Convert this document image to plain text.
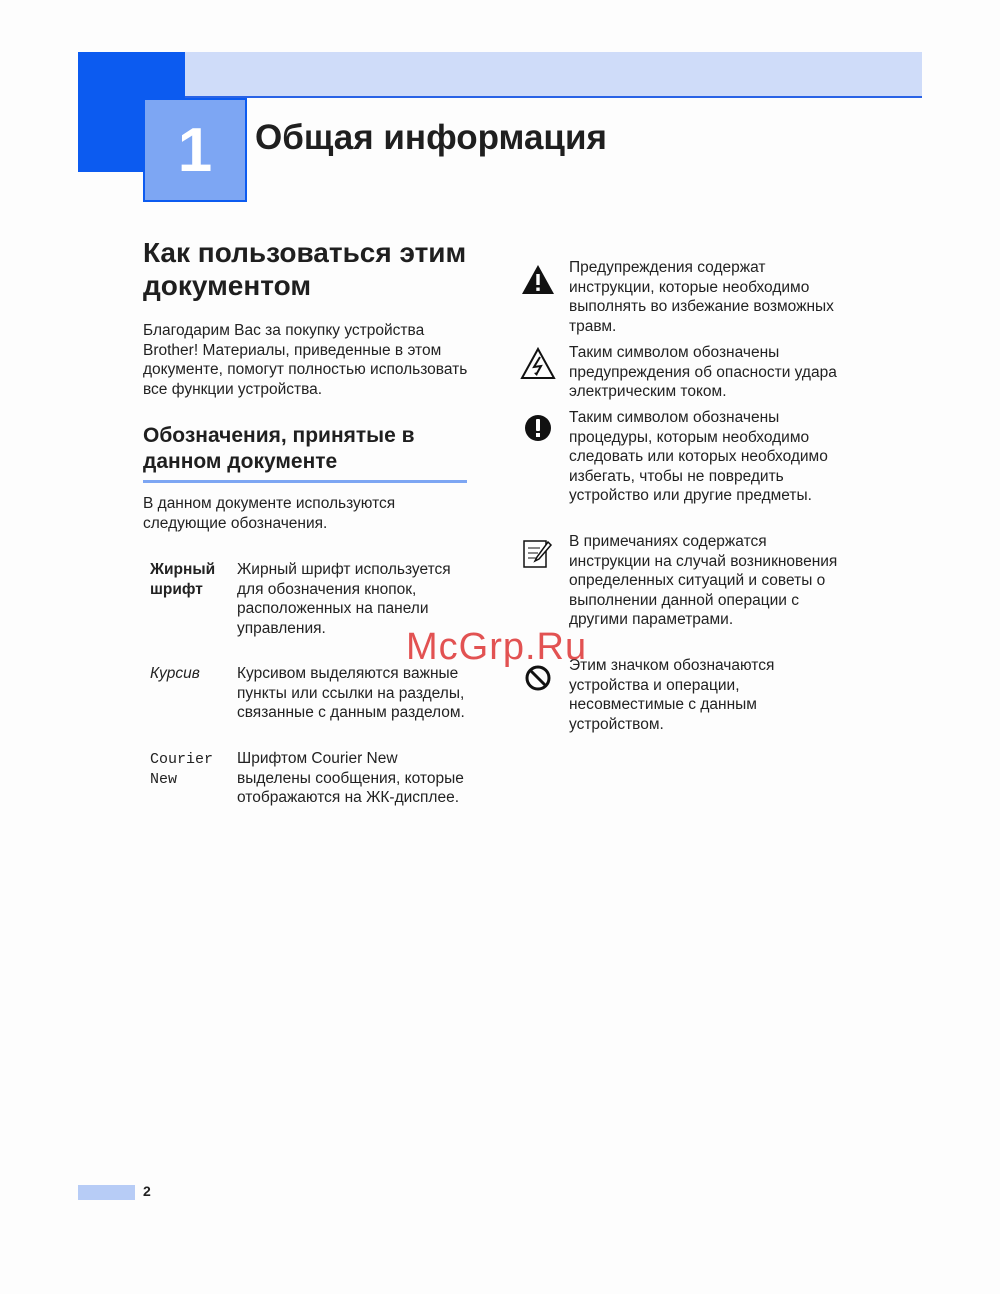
1	Общая информация
Как пользоваться этим документом
Благодарим Вас за покупку устройства Brother! Материалы, приведенные в этом документе, помогут полностью использовать все функции устройства.
Обозначения, принятые в данном документе
В данном документе используются следующие обозначения.
Жирный шрифт
Жирный шрифт используется для обозначения кнопок, расположенных на панели управления.
Курсив Курсивом выделяются важные пункты или ссылки на разделы, связанные с данным разделом.
Courier New
Шрифтом Courier New выделены сообщения, которые отображаются на ЖК-дисплее.
Предупреждения содержат инструкции, которые необходимо выполнять во избежание возможных травм.
Таким символом обозначены предупреждения об опасности удара электрическим током.
Таким символом обозначены процедуры, которым необходимо следовать или которых необходимо избегать, чтобы не повредить устройство или другие предметы.
В примечаниях содержатся инструкции на случай возникновения определенных ситуаций и советы о выполнении данной операции с другими параметрами.
Этим значком обозначаются устройства и операции, несовместимые с данным устройством.
McGrp.Ru
2
